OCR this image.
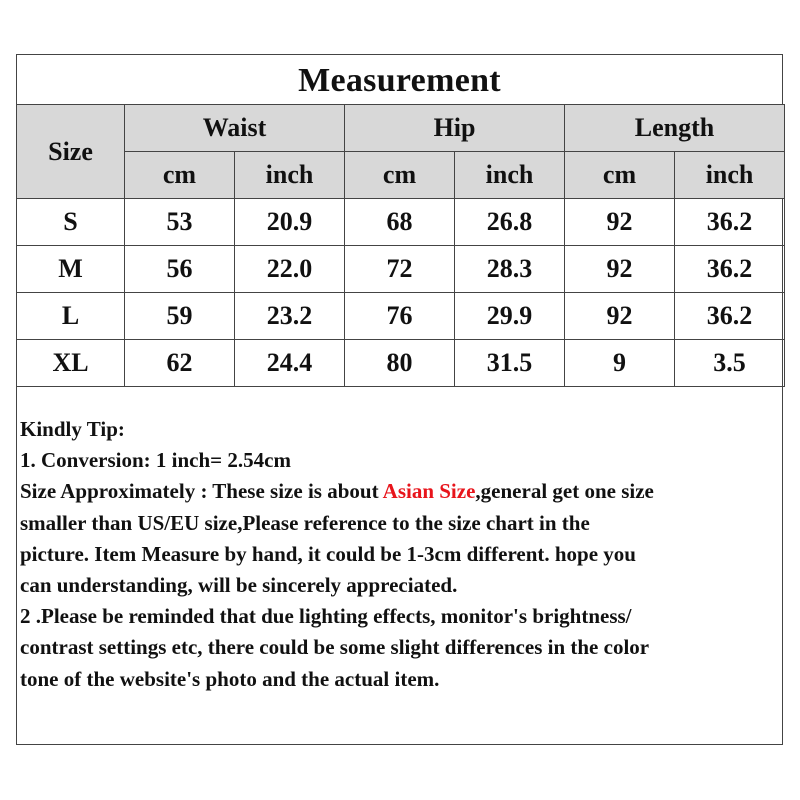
Measurement
Size	Waist		Hip		Length	
	cm	inch	cm	inch	cm	inch
S	53	20.9	68	26.8	92	36.2
M	56	22.0	72	28.3	92	36.2
L	59	23.2	76	29.9	92	36.2
XL	62	24.4	80	31.5	9	3.5

Kindly Tip:

1. Conversion: 1 inch= 2.54cm

Size Approximately : These size is about Asian Size,general get one size

smaller than US/EU size,Please reference to the size chart in the

picture. Item Measure by hand, it could be 1-3cm different. hope you

can understanding, will be sincerely appreciated.

2 .Please be reminded that due lighting effects, monitor's brightness/

contrast settings etc, there could be some slight differences in the color

tone of the website's photo and the actual item.
